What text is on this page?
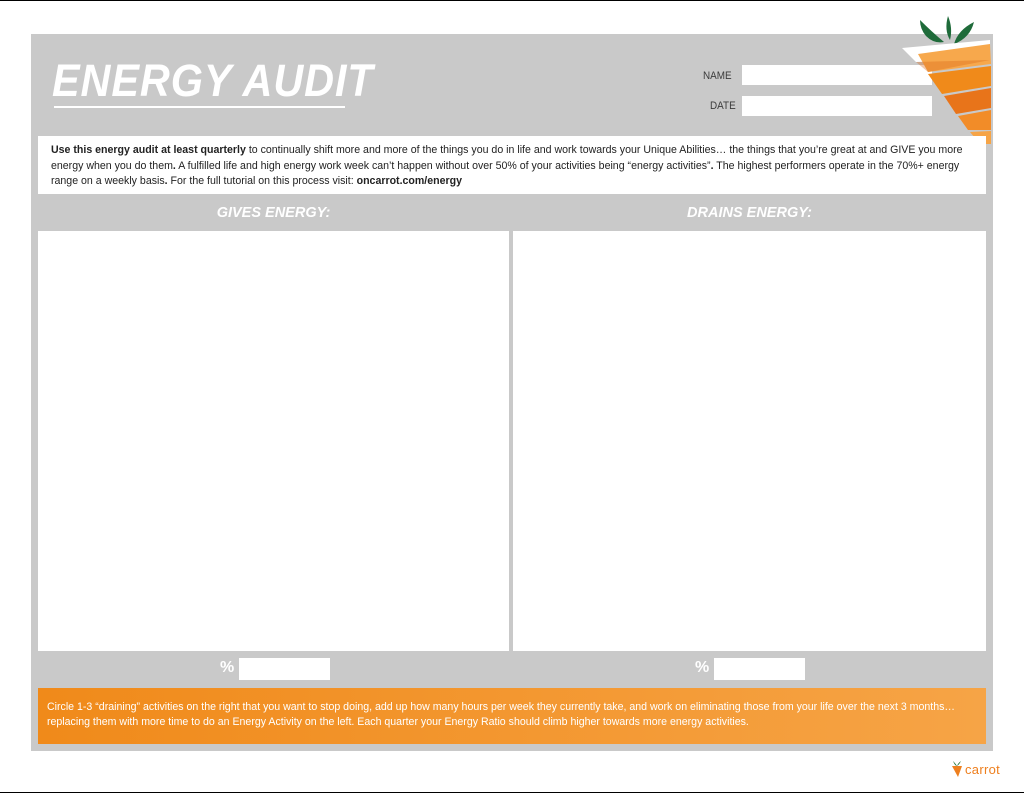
ENERGY AUDIT	NAME
DATE
Use this energy audit at least quarterly to continually shift more and more of the things you do in life and work towards your Unique Abilities… the things that you’re great at and GIVE you more energy when you do them. A fulfilled life and high energy work week can’t happen without over 50% of your activities being “energy activities”. The highest performers operate in the 70%+ energy range on a weekly basis. For the full tutorial on this process visit: oncarrot.com/energy
GIVES ENERGY:	DRAINS ENERGY:
%	%
Circle 1-3 “draining” activities on the right that you want to stop doing, add up how many hours per week they currently take, and work on eliminating those from your life over the next 3 months… replacing them with more time to do an Energy Activity on the left. Each quarter your Energy Ratio should climb higher towards more energy activities.
carrot
